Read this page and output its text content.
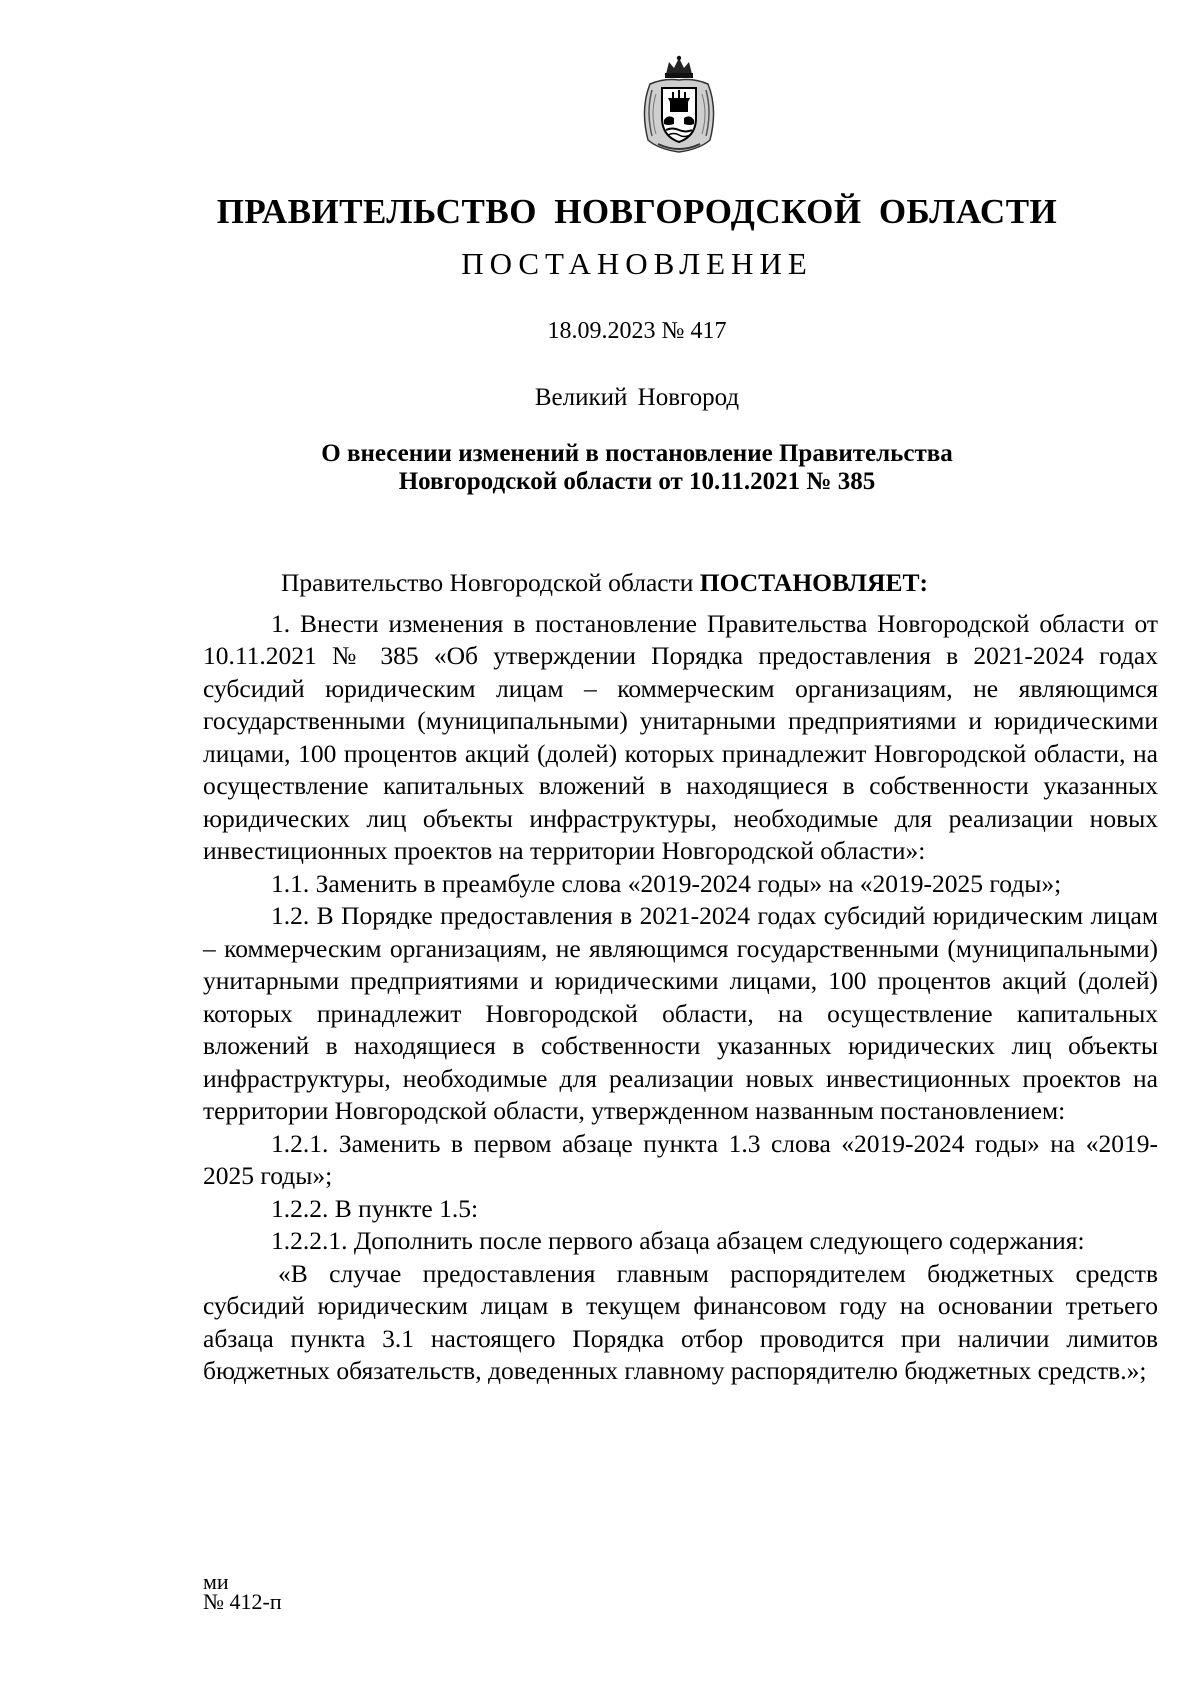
ПРАВИТЕЛЬСТВО НОВГОРОДСКОЙ ОБЛАСТИ
ПОСТАНОВЛЕНИЕ
18.09.2023 № 417
Великий Новгород
О внесении изменений в постановление Правительства
Новгородской области от 10.11.2021 № 385

Правительство Новгородской области ПОСТАНОВЛЯЕТ:

1. Внести изменения в постановление Правительства Новгородской области от 10.11.2021 № 385 «Об утверждении Порядка предоставления в 2021-2024 годах субсидий юридическим лицам – коммерческим организациям, не являющимся государственными (муниципальными) унитарными предприятиями и юридическими лицами, 100 процентов акций (долей) которых принадлежит Новгородской области, на осуществление капитальных вложений в находящиеся в собственности указанных юридических лиц объекты инфраструктуры, необходимые для реализации новых инвестиционных проектов на территории Новгородской области»:

1.1. Заменить в преамбуле слова «2019-2024 годы» на «2019-2025 годы»;

1.2. В Порядке предоставления в 2021-2024 годах субсидий юридическим лицам – коммерческим организациям, не являющимся государственными (муниципальными) унитарными предприятиями и юридическими лицами, 100 процентов акций (долей) которых принадлежит Новгородской области, на осуществление капитальных вложений в находящиеся в собственности указанных юридических лиц объекты инфраструктуры, необходимые для реализации новых инвестиционных проектов на территории Новгородской области, утвержденном названным постановлением:

1.2.1. Заменить в первом абзаце пункта 1.3 слова «2019-2024 годы» на «2019-2025 годы»;

1.2.2. В пункте 1.5:

1.2.2.1. Дополнить после первого абзаца абзацем следующего содержания:

«В случае предоставления главным распорядителем бюджетных средств субсидий юридическим лицам в текущем финансовом году на основании третьего абзаца пункта 3.1 настоящего Порядка отбор проводится при наличии лимитов бюджетных обязательств, доведенных главному распорядителю бюджетных средств.»;

ми
№ 412-п
